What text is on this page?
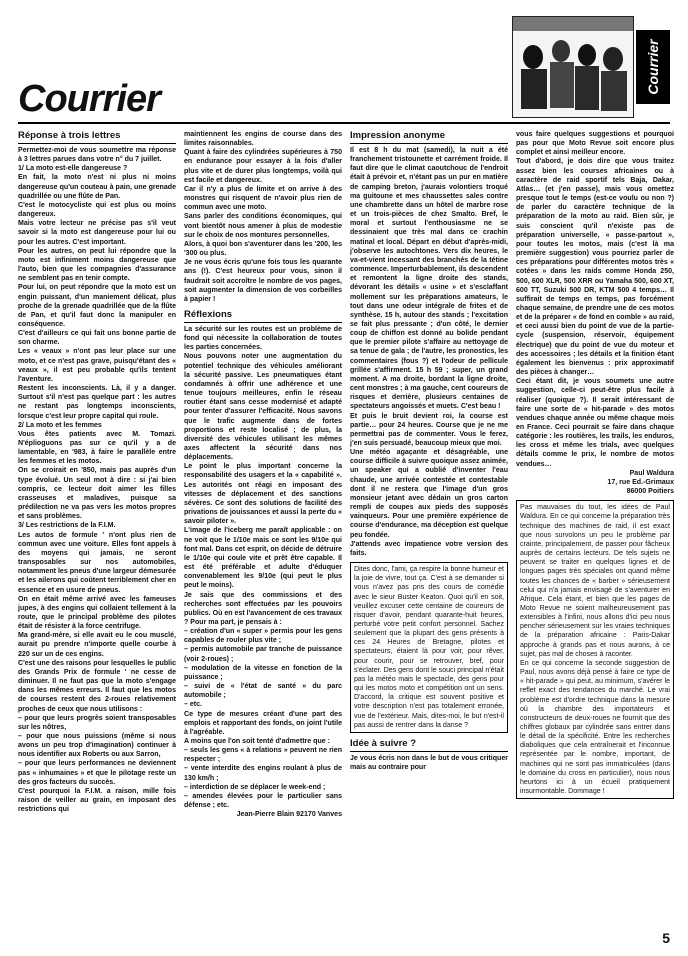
Courrier
Courrier

Réponse à trois lettres

Permettez-moi de vous soumettre ma réponse à 3 lettres parues dans votre n° du 7 juillet.

1/ La moto est-elle dangereuse ?

En fait, la moto n'est ni plus ni moins dangereuse qu'un couteau à pain, une grenade quadrillée ou une flûte de Pan.

C'est le motocycliste qui est plus ou moins dangereux.

Mais votre lecteur ne précise pas s'il veut savoir si la moto est dangereuse pour lui ou pour les autres. C'est important.

Pour les autres, on peut lui répondre que la moto est infiniment moins dangereuse que l'auto, bien que les compagnies d'assurance ne semblent pas en tenir compte.

Pour lui, on peut répondre que la moto est un engin puissant, d'un maniement délicat, plus proche de la grenade quadrillée que de la flûte de Pan, et qu'il faut donc la manipuler en conséquence.

C'est d'ailleurs ce qui fait uns bonne partie de son charme.

Les « veaux » n'ont pas leur place sur une moto, et ce n'est pas grave, puisqu'étant des « veaux », il est peu probable qu'ils tentent l'aventure.

Restent les inconscients. Là, il y a danger. Surtout s'il n'est pas quelque part : les autres ne restant pas longtemps inconscients, lorsque c'est leur propre capital qui roule.

2/ La moto et les femmes

Vous êtes patients avec M. Tomazi. N'éplioguons pas sur ce qu'il y a de lamentable, en '983, à faire le parallèle entre les femmes et les motos.

On se croirait en '850, mais pas auprès d'un type évolué. Un seul mot à dire : si j'ai bien compris, ce lecteur doit aimer les filles crasseuses et maladives, puisque sa prédilection ne va pas vers les motos propres et sans problèmes.

3/ Les restrictions de la F.I.M.

Les autos de formule ' n'ont plus rien de commun avec une voiture. Elles font appels à des moyens qui jamais, ne seront transposables sur nos automobiles, notamment les pneus d'une largeur démesurée et les ailerons qui coûtent terriblement cher en essence et en usure de pneus.

On en était même arrivé avec les fameuses jupes, à des engins qui collaient tellement à la route, que le principal problème des pilotes était de résister à la force centrifuge.

Ma grand-mère, si elle avait eu le cou musclé, aurait pu prendre n'importe quelle courbe à 220 sur un de ces engins.

C'est une des raisons pour lesquelles le public des Grands Prix de formule ' ne cesse de diminuer. Il ne faut pas que la moto s'engage dans les mêmes erreurs. Il faut que les motos de courses restent des 2-roues relativement proches de ceux que nous utilisons :

– pour que leurs progrès soient transposables sur les nôtres,

– pour que nous puissions (même si nous avons un peu trop d'imagination) continuer à nous identifier aux Roberts ou aux Sarron,

– pour que leurs performances ne deviennent pas « inhumaines » et que le pilotage reste un des gros facteurs du succès.

C'est pourquoi la F.I.M. a raison, mille fois raison de veiller au grain, en imposant des restrictions qui

maintiennent les engins de course dans des limites raisonnables.

Quant à faire des cylindrées supérieures à 750 en endurance pour essayer à la fois d'aller plus vite et de durer plus longtemps, voilà qui est facile et dangereux.

Car il n'y a plus de limite et on arrive à des monstres qui risquent de n'avoir plus rien de commun avec une moto.

Sans parler des conditions économiques, qui vont bientôt nous amener à plus de modestie sur le choix de nos montures personnelles.

Alors, à quoi bon s'aventurer dans les '200, les '300 ou plus.

Je ne vous écris qu'une fois tous les quarante ans (!). C'est heureux pour vous, sinon il faudrait soit accroître le nombre de vos pages, soit augmenter la dimension de vos corbeilles à papier !

Réflexions

La sécurité sur les routes est un problème de fond qui nécessite la collaboration de toutes les parties concernées.

Nous pouvons noter une augmentation du potentiel technique des véhicules améliorant la sécurité passive. Les pneumatiques étant condamnés à offrir une adhérence et une tenue toujours meilleures, enfin le réseau routier étant sans cesse modernisé et adapté pour tenter d'assurer l'efficacité. Nous savons que le trafic augmente dans de fortes proportions et reste localisé ; de plus, la diversité des véhicules utilisant les mêmes axes affectent la sécurité dans nos déplacements.

Le point le plus important concerne la responsabilité des usagers et la « capabilité ». Les autorités ont réagi en imposant des vitesses de déplacement et des sanctions sévères. Ce sont des solutions de facilité des privations de jouissances et aussi la perte du « savoir piloter ».

L'image de l'iceberg me paraît applicable : on ne voit que le 1/10e mais ce sont les 9/10e qui font mal. Dans cet esprit, on décide de détruire le 1/10e qui coule vite et prêt être capable. Il est été préférable et adulte d'éduquer convenablement les 9/10e (qui peut le plus peut le moins).

Je sais que des commissions et des recherches sont effectuées par les pouvoirs publics. Où en est l'avancement de ces travaux ? Pour ma part, je pensais à :

– création d'un « super » permis pour les gens capables de rouler plus vite ;

– permis automobile par tranche de puissance (voir 2-roues) ;

– modulation de la vitesse en fonction de la puissance ;

– suivi de « l'état de santé » du parc automobile ;

– etc.

Ce type de mesures créant d'une part des emplois et rapportant des fonds, on joint l'utile à l'agréable.

A moins que l'on soit tenté d'admettre que :

– seuls les gens « à relations » peuvent ne rien respecter ;

– vente interdite des engins roulant à plus de 130 km/h ;

– interdiction de se déplacer le week-end ;

– amendes élevées pour le particulier sans défense ; etc.

Jean-Pierre Blain 92170 Vanves

Impression anonyme

Il est 8 h du mat (samedi), la nuit a été franchement tristounette et carrément froide. Il faut dire que le climat caoutchouc de l'endroit était à prévoir et, n'étant pas un pur en matière de camping breton, j'aurais volontiers troqué ma guitoune et mes chaussettes sales contre une chambrette dans un hôtel de marbre rose et un trois-pièces de chez Smalto. Bref, le moral et surtout l'enthousiasme ne se dessinaient que très mal dans ce crachin matinal et local. Départ en début d'après-midi, j'observe les autochtones. Vers dix heures, le va-et-vient incessant des branchés de la tétine commence. Imperturbablement, ils descendent et remontent la ligne droite des stands, dévorant les détails « usine » et s'esclaffant mollement sur les préparations amateurs, le tout dans une odeur intégrale de frites et de synthèse. 15 h, autour des stands ; l'excitation se fait plus pressante ; d'un côté, le dernier coup de chiffon est donné au bolide pendant que le premier pilote s'affaire au nettoyage de sa tenue de gala ; de l'autre, les pronostics, les commentaires (fous ?) et l'odeur de pellicule grillée s'affirment. 15 h 59 ; super, un grand moment. A ma droite, bordant la ligne droite, cent monstres ; à ma gauche, cent coureurs de risques et derrière, plusieurs centaines de spectateurs angoissés et muets. C'est beau !

Et puis le bruit devient roi, la course est partie… pour 24 heures. Course que je ne me permettrai pas de commenter. Vous le ferez, j'en suis persuadé, beaucoup mieux que moi.

Une météo agaçante et désagréable, une course difficile à suivre quoique assez animée, un speaker qui a oublié d'inventer l'eau chaude, une arrivée contestée et contestable dont il ne restera que l'image d'un gros monsieur jetant avec dédain un gros carton rempli de coupes aux pieds des supposés vainqueurs. Pour une première expérience de course d'endurance, ma déception est quelque peu fondée.

J'attends avec impatience votre version des faits.

Dites donc, l'ami, ça respire la bonne humeur et la joie de vivre, tout ça. C'est à se demander si vous n'avez pas pris des cours de comédie avec le sieur Buster Keaton. Quoi qu'il en soit, veuillez excuser cette centaine de coureurs de risquer d'avoir, pendant quarante-huit heures, perturbé votre petit confort personnel. Sachez seulement que la plupart des gens présents à ces 24 Heures de Bretagne, pilotes et spectateurs, étaient là pour voir, pour rêver, pour courir, pour se retrouver, bref, pour s'éclater. Des gens dont le souci principal n'était pas la météo mais le spectacle, des gens pour qui les motos moto et compétition ont un sens. D'accord, la critique est souvent positive et votre description n'est pas totalement erronée, vue de l'extérieur. Mais, dites-moi, le but n'est-il pas aussi de rentrer dans la danse ?

Idée à suivre ?

Je vous écris non dans le but de vous critiquer mais au contraire pour

vous faire quelques suggestions et pourquoi pas pour que Moto Revue soit encore plus complet et ainsi meilleur encore.

Tout d'abord, je dois dire que vous traitez assez bien les courses africaines ou à caractère de raid sportif tels Baja, Dakar, Atlas… (et j'en passe), mais vous omettez presque tout le temps (est-ce voulu ou non ?) de parler du caractère technique de la préparation de la moto au raid. Bien sûr, je suis conscient qu'il n'existe pas de préparation universelle, « passe-partout », pour toutes les motos, mais (c'est là ma première suggestion) vous pourriez parler de ces préparations pour différentes motos très « cotées » dans les raids comme Honda 250, 500, 600 XLR, 500 XRR ou Yamaha 500, 600 XT, 600 TT, Suzuki 500 DR, KTM 500 4 temps… Il suffirait de temps en temps, pas forcément chaque semaine, de prendre une de ces motos et de la préparer « de fond en comble » au raid, et ceci aussi bien du point de vue de la partie-cycle (suspension, réservoir, équipement électrique) que du point de vue du moteur et des accessoires ; les détails et la finition étant également les bienvenus : prix approximatif des pièces à changer…

Ceci étant dit, je vous soumets une autre suggestion, celle-ci peut-être plus facile à réaliser (quoique ?). Il serait intéressant de faire une sorte de « hit-parade » des motos vendues chaque année ou même chaque mois en France. Ceci pourrait se faire dans chaque catégorie : les routières, les trails, les enduros, les cross et même les trials, avec quelques détails comme le prix, le nombre de motos vendues…

Paul Waldura

17, rue Ed.-Grimaux

86000 Poitiers

Pas mauvaises du tout, les idées de Paul Waldura. En ce qui concerne la préparation très technique des machines de raid, il est exact que nous survolons un peu le problème par crainte, principalement, de passer pour fâcheux auprès de certains lecteurs. De tels sujets ne peuvent se traiter en quelques lignes et de longues pages très spéciales ont quand même toutes les chances de « barber » sérieusement celui qui n'a jamais envisagé de s'aventurer en Afrique. Cela étant, et bien que les pages de Moto Revue ne soient malheureusement pas extensibles à l'infini, nous allons d'ici peu nous pencher sérieusement sur les vraies techniques de la préparation africaine : Paris-Dakar approche à grands pas et nous aurons, à ce sujet, pas mal de choses à raconter.

En ce qui concerne la seconde suggestion de Paul, nous avons déjà pensé à faire ce type de « hit-parade » qui peut, au minimum, s'avérer le reflet exact des tendances du marché. Le vrai problème est d'ordre technique dans la mesure où la chambre des importateurs et constructeurs de deux-roues ne fournit que des chiffres globaux par cylindrée sans entrer dans le détail de la spécificité. Entre les recherches diaboliques que cela entraînerait et l'inconnue représentée par le nombre, important, de machines qui ne sont pas immatriculées (dans le domaine du cross en particulier), nous nous heurtons ici à un écueil pratiquement insurmontable. Dommage !

5
